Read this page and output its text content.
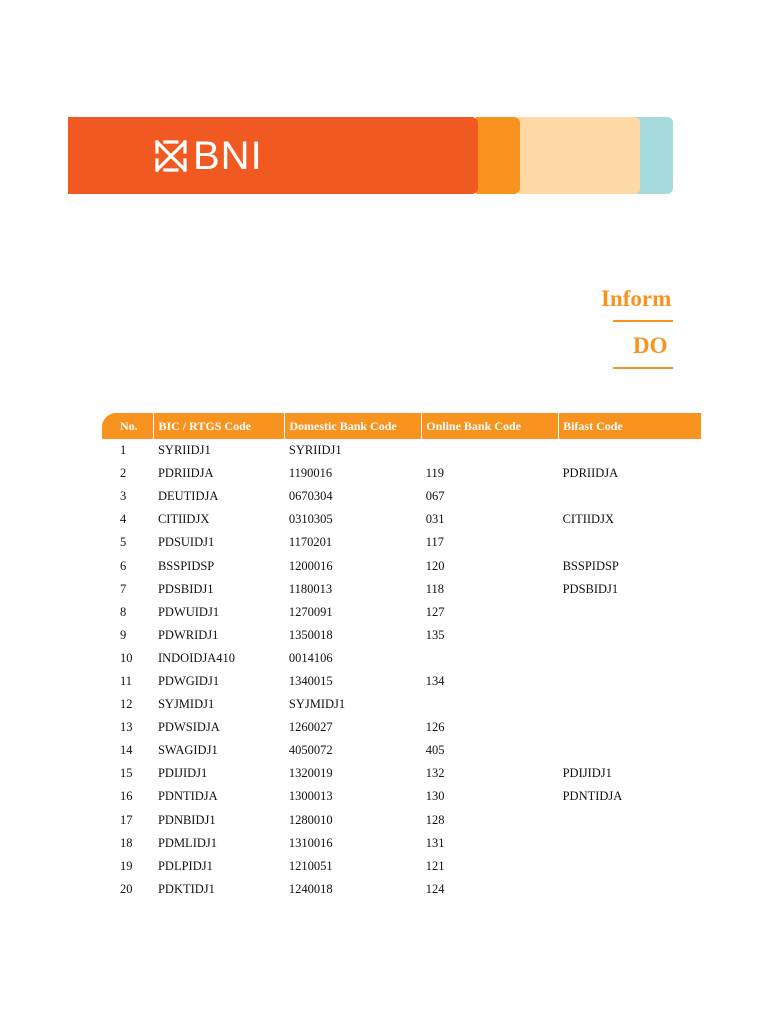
BNI
Inform
DO
	No.	BIC / RTGS Code	Domestic Bank Code	Online Bank Code	Bifast Code
	1	SYRIIDJ1	SYRIIDJ1		
	2	PDRIIDJA	1190016	119	PDRIIDJA
	3	DEUTIDJA	0670304	067	
	4	CITIIDJX	0310305	031	CITIIDJX
	5	PDSUIDJ1	1170201	117	
	6	BSSPIDSP	1200016	120	BSSPIDSP
	7	PDSBIDJ1	1180013	118	PDSBIDJ1
	8	PDWUIDJ1	1270091	127	
	9	PDWRIDJ1	1350018	135	
	10	INDOIDJA410	0014106		
	11	PDWGIDJ1	1340015	134	
	12	SYJMIDJ1	SYJMIDJ1		
	13	PDWSIDJA	1260027	126	
	14	SWAGIDJ1	4050072	405	
	15	PDIJIDJ1	1320019	132	PDIJIDJ1
	16	PDNTIDJA	1300013	130	PDNTIDJA
	17	PDNBIDJ1	1280010	128	
	18	PDMLIDJ1	1310016	131	
	19	PDLPIDJ1	1210051	121	
	20	PDKTIDJ1	1240018	124	
